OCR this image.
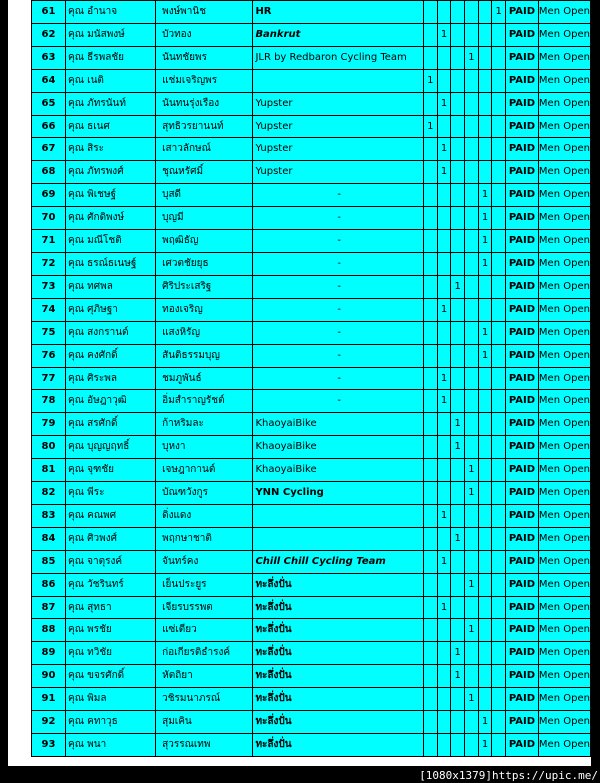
61	คุณ อำนาจ	พงษ์พานิช	HR						1	PAID	Men Open
62	คุณ มนัสพงษ์	บัวทอง	Bankrut		1					PAID	Men Open
63	คุณ ธีรพลชัย	นันทชัยพร	JLR by Redbaron Cycling Team				1			PAID	Men Open
64	คุณ เนติ	แช่มเจริญพร		1						PAID	Men Open
65	คุณ ภัทรนันท์	นันทนรุ่งเรือง	Yupster		1					PAID	Men Open
66	คุณ ธเนศ	สุทธิวรยานนท์	Yupster	1						PAID	Men Open
67	คุณ สิระ	เสาวลักษณ์	Yupster		1					PAID	Men Open
68	คุณ ภัทรพงศ์	ชุณหรัศมิ์	Yupster		1					PAID	Men Open
69	คุณ พิเชษฐ์	บุสดี	-					1		PAID	Men Open
70	คุณ ศักดิพงษ์	บุญมี	-					1		PAID	Men Open
71	คุณ มณีโชติ	พฤฒิธัญ	-					1		PAID	Men Open
72	คุณ ธรณ์ธเนษฐ์	เศวตชัยยุธ	-					1		PAID	Men Open
73	คุณ ทศพล	ศิริประเสริฐ	-			1				PAID	Men Open
74	คุณ ศุภิษฐา	ทองเจริญ	-		1					PAID	Men Open
75	คุณ สงกรานต์	แสงหิรัญ	-					1		PAID	Men Open
76	คุณ คงศักดิ์	สันติธรรมบุญ	-					1		PAID	Men Open
77	คุณ ศิระพล	ชมภูพันธ์	-		1					PAID	Men Open
78	คุณ อัษฎาวุฒิ	อิ่มสำราญรัชต์	-		1					PAID	Men Open
79	คุณ สรศักดิ์	ก้าหริมละ	KhaoyaiBike			1				PAID	Men Open
80	คุณ บุญญฤทธิ์	บุหงา	KhaoyaiBike			1				PAID	Men Open
81	คุณ จุฑชัย	เจษฎากานต์	KhaoyaiBike				1			PAID	Men Open
82	คุณ พีระ	บัณฑวังกูร	YNN Cycling				1			PAID	Men Open
83	คุณ คณพศ	ดิ่งแดง			1					PAID	Men Open
84	คุณ ศิวพงศ์	พฤกษาชาติ				1				PAID	Men Open
85	คุณ จาตุรงค์	จันทร์คง	Chill Chill Cycling Team		1					PAID	Men Open
86	คุณ วัชรินทร์	เย็นประยูร	ทะลึ่งปั่น				1			PAID	Men Open
87	คุณ สุทธา	เจียรบรรพต	ทะลึ่งปั่น		1					PAID	Men Open
88	คุณ พรชัย	แซ่เตียว	ทะลึ่งปั่น				1			PAID	Men Open
89	คุณ ทวิชัย	ก่อเกียรติธำรงค์	ทะลึ่งปั่น			1				PAID	Men Open
90	คุณ ขจรศักดิ์	หัตถิยา	ทะลึ่งปั่น			1				PAID	Men Open
91	คุณ พิมล	วชิรมนาภรณ์	ทะลึ่งปั่น				1			PAID	Men Open
92	คุณ คทาวุธ	สุมเคิน	ทะลึ่งปั่น					1		PAID	Men Open
93	คุณ พนา	สุวรรณเทพ	ทะลึ่งปั่น					1		PAID	Men Open
[1080x1379]https://upic.me/
